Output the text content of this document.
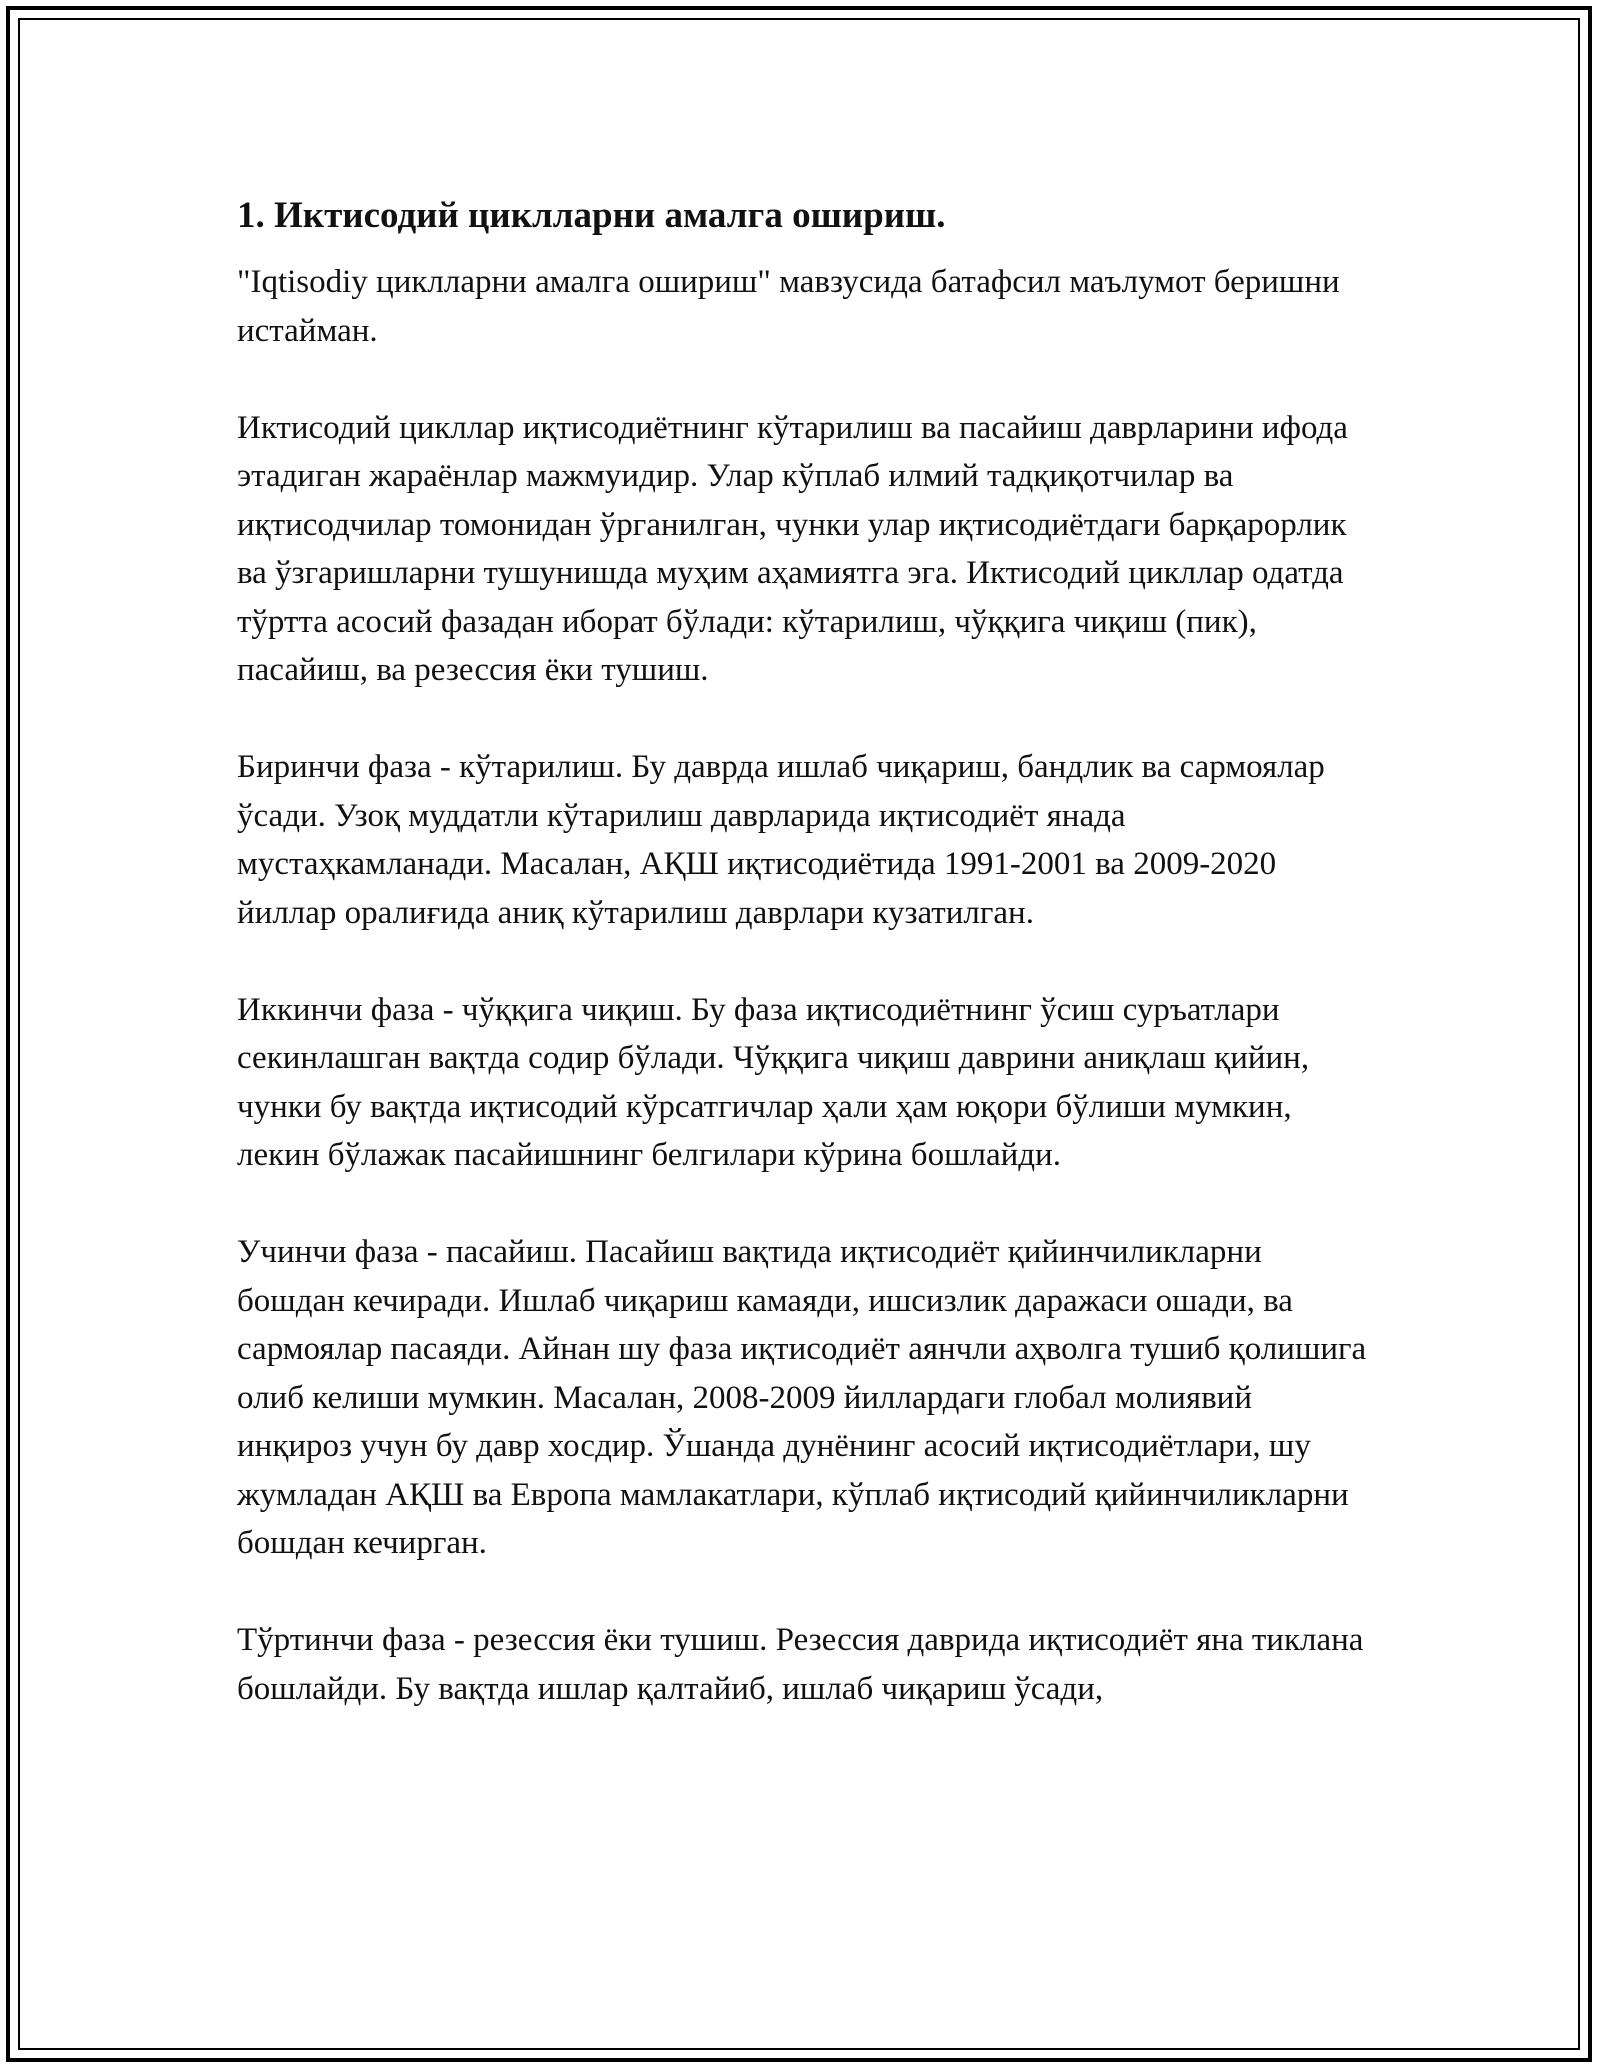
1. Иктисодий циклларни амалга ошириш.

"Iqtisodiy циклларни амалга ошириш" мавзусида батафсил маълумот беришни истайман.

Иктисодий цикллар иқтисодиётнинг кўтарилиш ва пасайиш даврларини ифода этадиган жараёнлар мажмуидир. Улар кўплаб илмий тадқиқотчилар ва иқтисодчилар томонидан ўрганилган, чунки улар иқтисодиётдаги барқарорлик ва ўзгаришларни тушунишда муҳим аҳамиятга эга. Иктисодий цикллар одатда тўртта асосий фазадан иборат бўлади: кўтарилиш, чўққига чиқиш (пик), пасайиш, ва резессия ёки тушиш.

Биринчи фаза - кўтарилиш. Бу даврда ишлаб чиқариш, бандлик ва сармоялар ўсади. Узоқ муддатли кўтарилиш даврларида иқтисодиёт янада мустаҳкамланади. Масалан, АҚШ иқтисодиётида 1991-2001 ва 2009-2020 йиллар оралиғида аниқ кўтарилиш даврлари кузатилган.

Иккинчи фаза - чўққига чиқиш. Бу фаза иқтисодиётнинг ўсиш суръатлари секинлашган вақтда содир бўлади. Чўққига чиқиш даврини аниқлаш қийин, чунки бу вақтда иқтисодий кўрсатгичлар ҳали ҳам юқори бўлиши мумкин, лекин бўлажак пасайишнинг белгилари кўрина бошлайди.

Учинчи фаза - пасайиш. Пасайиш вақтида иқтисодиёт қийинчиликларни бошдан кечиради. Ишлаб чиқариш камаяди, ишсизлик даражаси ошади, ва сармоялар пасаяди. Айнан шу фаза иқтисодиёт аянчли аҳволга тушиб қолишига олиб келиши мумкин. Масалан, 2008-2009 йиллардаги глобал молиявий инқироз учун бу давр хосдир. Ўшанда дунёнинг асосий иқтисодиётлари, шу жумладан АҚШ ва Европа мамлакатлари, кўплаб иқтисодий қийинчиликларни бошдан кечирган.

Тўртинчи фаза - резессия ёки тушиш. Резессия даврида иқтисодиёт яна тиклана бошлайди. Бу вақтда ишлар қалтайиб, ишлаб чиқариш ўсади,
